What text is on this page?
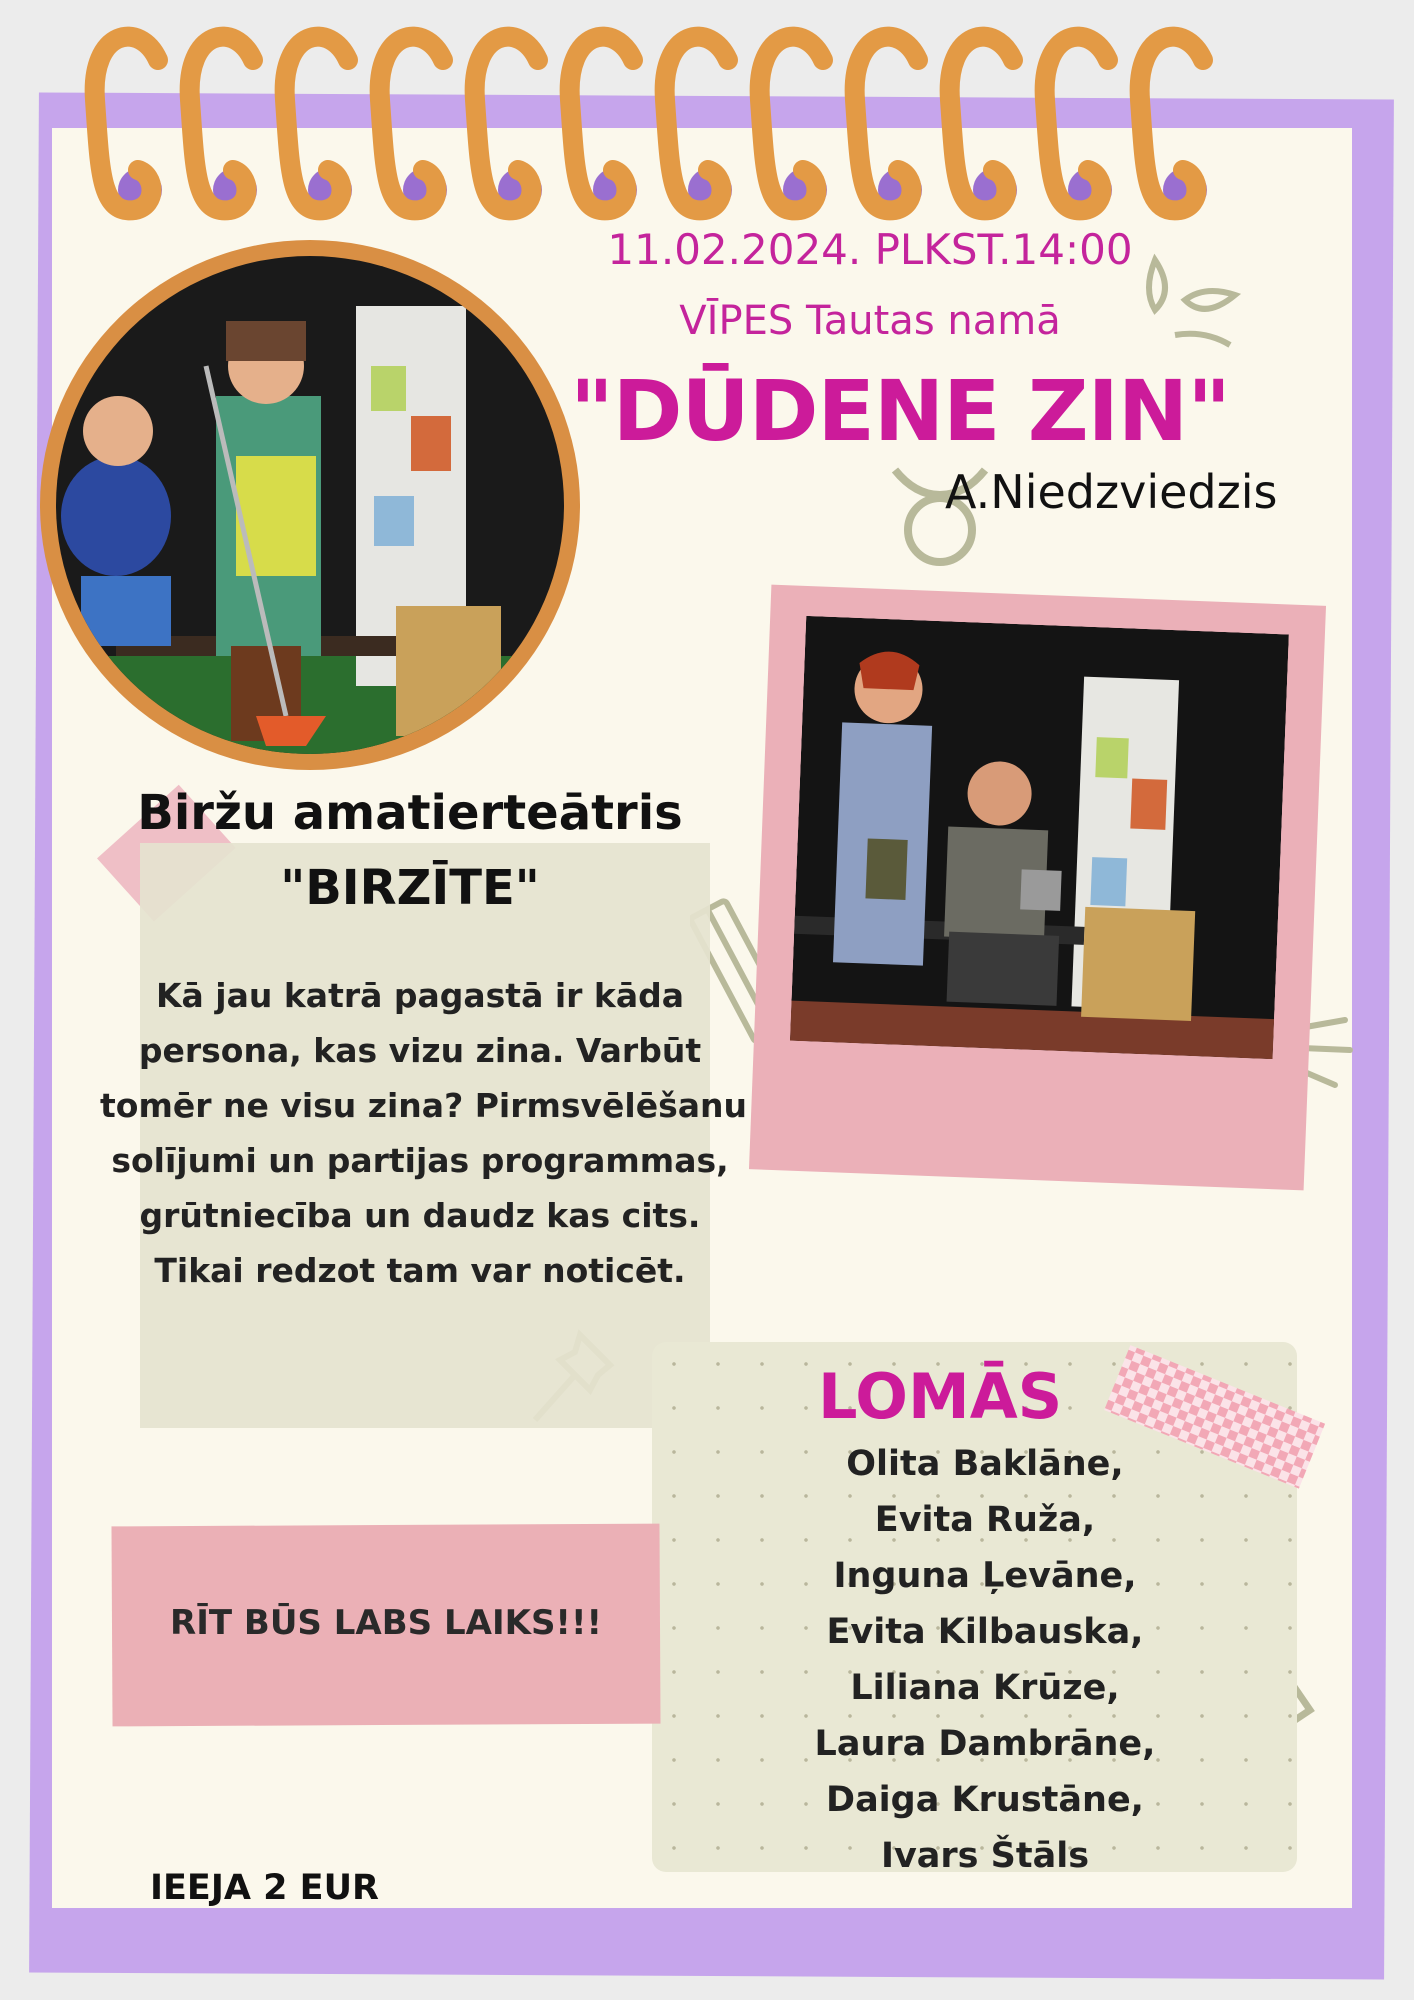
11.02.2024. PLKST.14:00
VĪPES Tautas namā
"DŪDENE ZIN"
A.Niedzviedzis
Biržu amatierteātris
"BIRZĪTE"
Kā jau katrā pagastā ir kāda
persona, kas vizu zina. Varbūt
tomēr ne visu zina? Pirmsvēlēšanu
solījumi un partijas programmas,
grūtniecība un daudz kas cits.
Tikai redzot tam var noticēt.
LOMĀS
Olita Baklāne,
Evita Ruža,
Inguna Ļevāne,
Evita Kilbauska,
Liliana Krūze,
Laura Dambrāne,
Daiga Krustāne,
Ivars Štāls
RĪT BŪS LABS LAIKS!!!
IEEJA 2 EUR
